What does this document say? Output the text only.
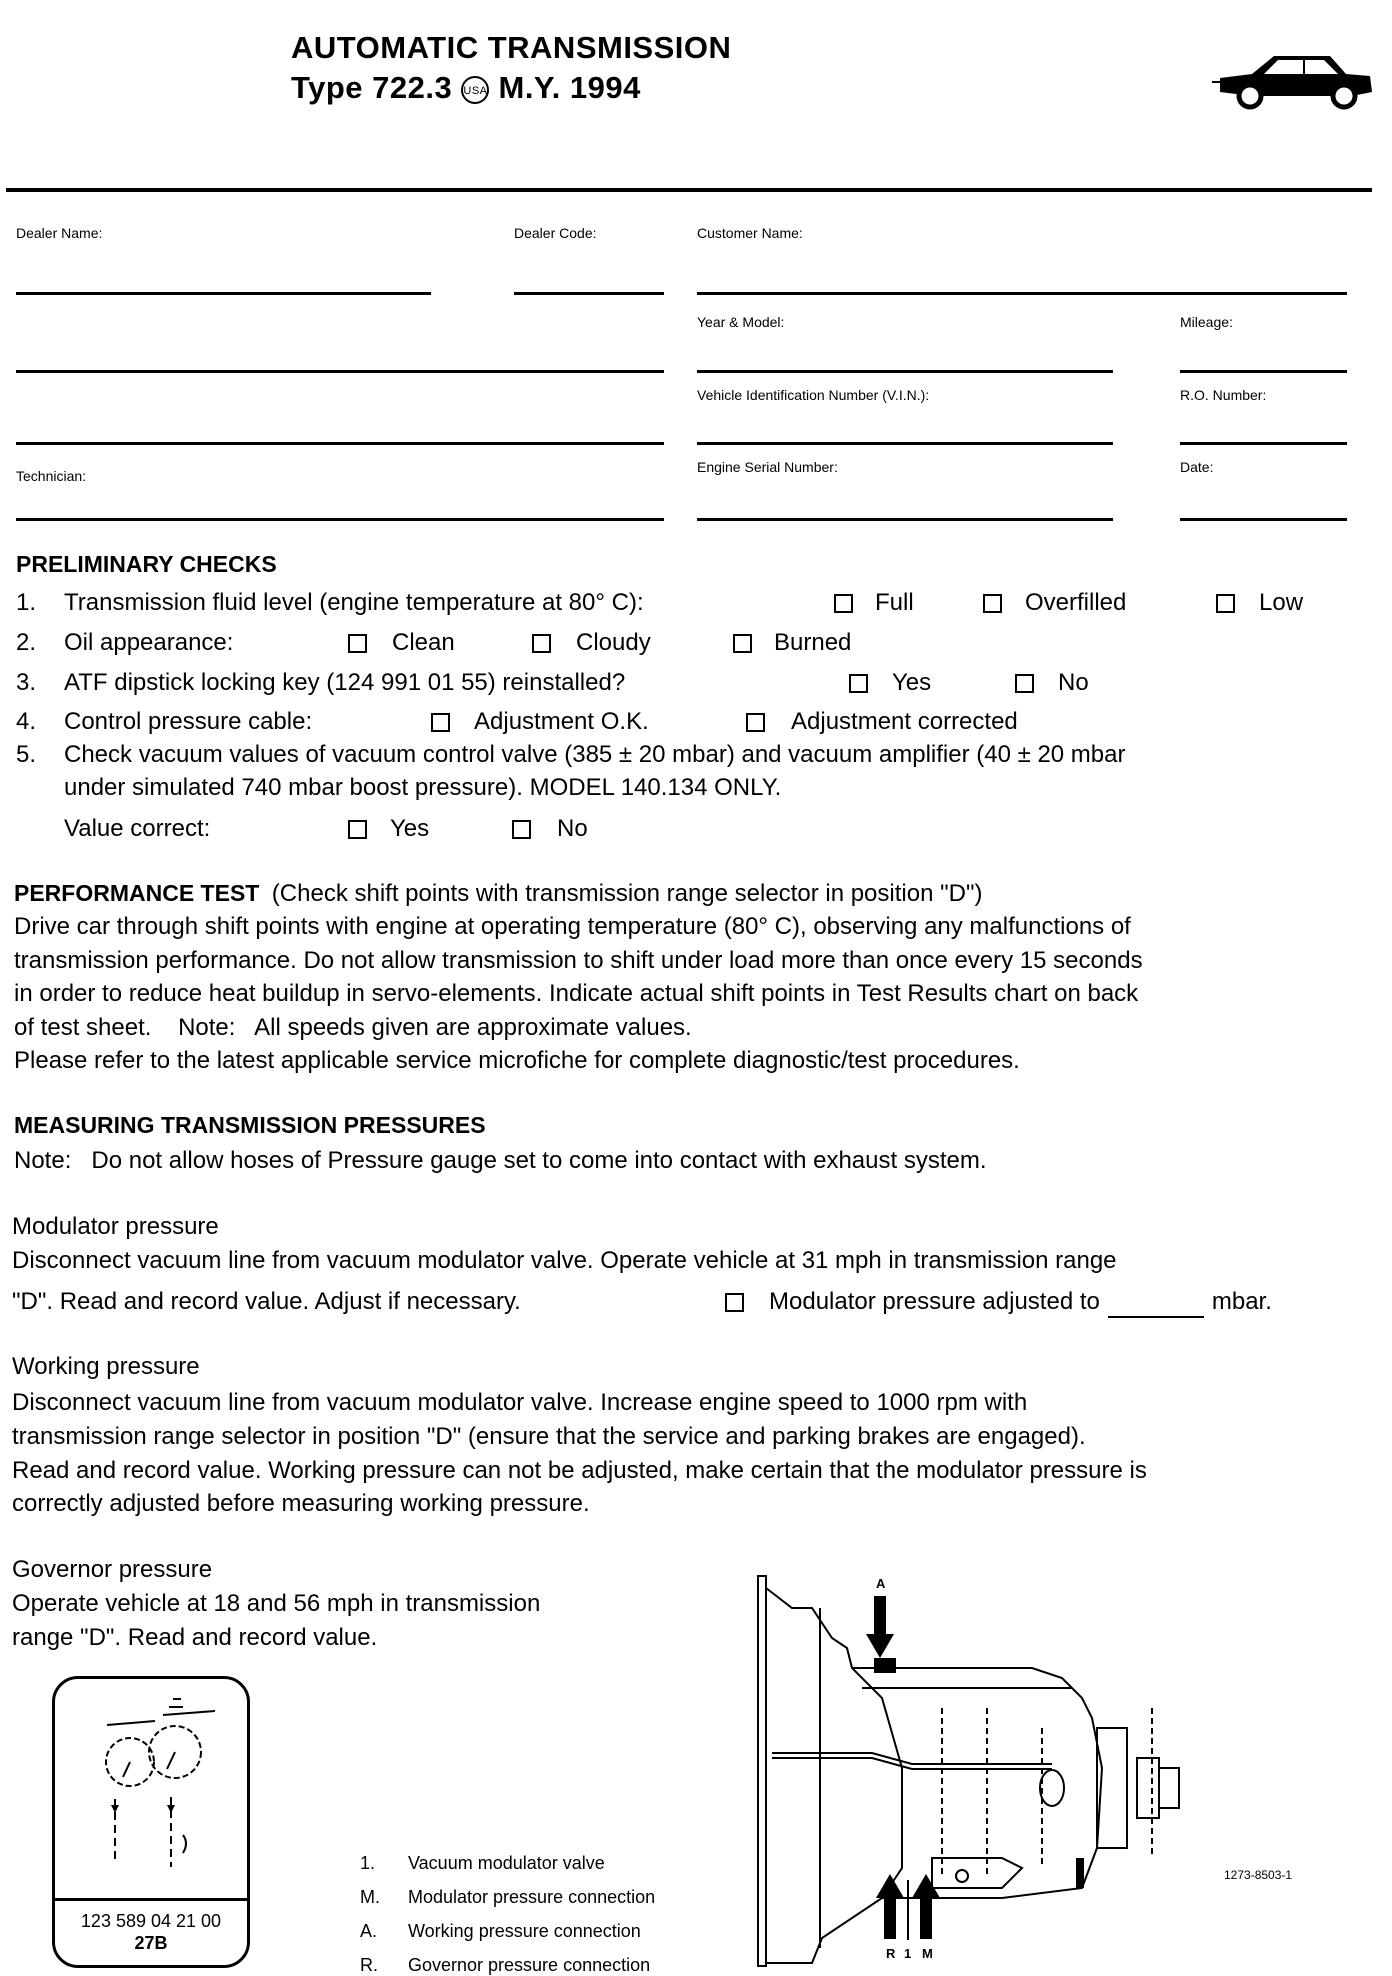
AUTOMATIC TRANSMISSION
Type 722.3 USA M.Y. 1994
Dealer Name:	Dealer Code:	Customer Name:
Year & Model:	Mileage:
Vehicle Identification Number (V.I.N.):	R.O. Number:
Technician:
Engine Serial Number:	Date:
PRELIMINARY CHECKS
1. Transmission fluid level (engine temperature at 80° C):	Full	Overfilled	Low
2. Oil appearance:	Clean	Cloudy	Burned
3. ATF dipstick locking key (124 991 01 55) reinstalled?	Yes	No
4. Control pressure cable:	Adjustment O.K.	Adjustment corrected
5. Check vacuum values of vacuum control valve (385 ± 20 mbar) and vacuum amplifier (40 ± 20 mbar
under simulated 740 mbar boost pressure). MODEL 140.134 ONLY.
Value correct:	Yes	No
PERFORMANCE TEST (Check shift points with transmission range selector in position "D")
Drive car through shift points with engine at operating temperature (80° C), observing any malfunctions of
transmission performance. Do not allow transmission to shift under load more than once every 15 seconds
in order to reduce heat buildup in servo-elements. Indicate actual shift points in Test Results chart on back
of test sheet.    Note:   All speeds given are approximate values.
Please refer to the latest applicable service microfiche for complete diagnostic/test procedures.
MEASURING TRANSMISSION PRESSURES
Note:   Do not allow hoses of Pressure gauge set to come into contact with exhaust system.
Modulator pressure
Disconnect vacuum line from vacuum modulator valve. Operate vehicle at 31 mph in transmission range
"D". Read and record value. Adjust if necessary.	Modulator pressure adjusted to	mbar.
Working pressure
Disconnect vacuum line from vacuum modulator valve. Increase engine speed to 1000 rpm with
transmission range selector in position "D" (ensure that the service and parking brakes are engaged).
Read and record value. Working pressure can not be adjusted, make certain that the modulator pressure is
correctly adjusted before measuring working pressure.
Governor pressure
Operate vehicle at 18 and 56 mph in transmission
range "D". Read and record value.
123 589 04 21 00
27B
1. Vacuum modulator valve
M. Modulator pressure connection
A. Working pressure connection
R. Governor pressure connection
A
R 1 M
1273-8503-1
